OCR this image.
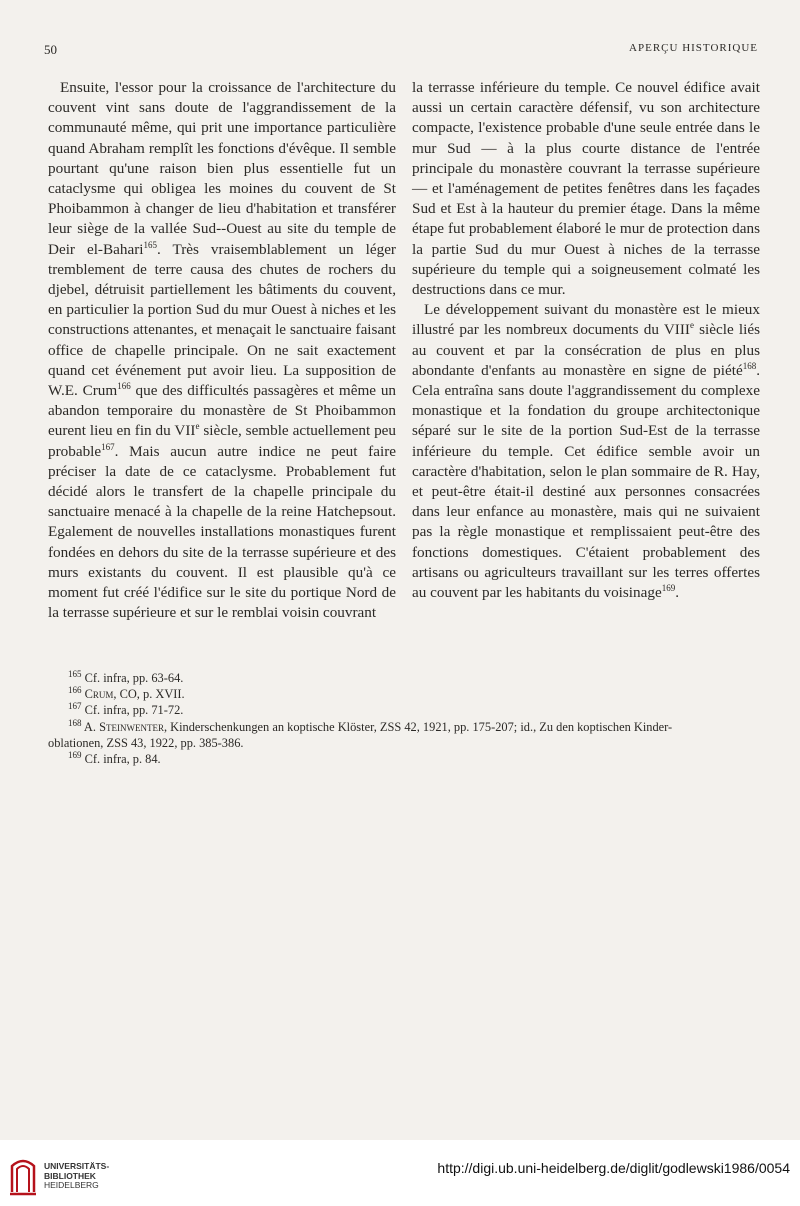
50	APERÇU HISTORIQUE

Ensuite, l'essor pour la croissance de l'architecture du couvent vint sans doute de l'aggrandissement de la communauté même, qui prit une importance particulière quand Abraham remplît les fonctions d'évêque. Il semble pourtant qu'une raison bien plus essentielle fut un cataclysme qui obligea les moines du couvent de St Phoibammon à changer de lieu d'habitation et transférer leur siège de la vallée Sud--Ouest au site du temple de Deir el-Bahari$^{165}$. Très vraisemblablement un léger tremblement de terre causa des chutes de rochers du djebel, détruisit partiellement les bâtiments du couvent, en particulier la portion Sud du mur Ouest à niches et les constructions attenantes, et menaçait le sanctuaire faisant office de chapelle principale. On ne sait exactement quand cet événement put avoir lieu. La supposition de W.E. Crum$^{166}$ que des difficultés passagères et même un abandon temporaire du monastère de St Phoibammon eurent lieu en fin du VIIe siècle, semble actuellement peu probable$^{167}$. Mais aucun autre indice ne peut faire préciser la date de ce cataclysme. Probablement fut décidé alors le transfert de la chapelle principale du sanctuaire menacé à la chapelle de la reine Hatchepsout. Egalement de nouvelles installations monastiques furent fondées en dehors du site de la terrasse supérieure et des murs existants du couvent. Il est plausible qu'à ce moment fut créé l'édifice sur le site du portique Nord de la terrasse supérieure et sur le remblai voisin couvrant

la terrasse inférieure du temple. Ce nouvel édifice avait aussi un certain caractère défensif, vu son architecture compacte, l'existence probable d'une seule entrée dans le mur Sud — à la plus courte distance de l'entrée principale du monastère couvrant la terrasse supérieure — et l'aménagement de petites fenêtres dans les façades Sud et Est à la hauteur du premier étage. Dans la même étape fut probablement élaboré le mur de protection dans la partie Sud du mur Ouest à niches de la terrasse supérieure du temple qui a soigneusement colmaté les destructions dans ce mur.

Le développement suivant du monastère est le mieux illustré par les nombreux documents du VIIIe siècle liés au couvent et par la consécration de plus en plus abondante d'enfants au monastère en signe de piété$^{168}$. Cela entraîna sans doute l'aggrandissement du complexe monastique et la fondation du groupe architectonique séparé sur le site de la portion Sud-Est de la terrasse inférieure du temple. Cet édifice semble avoir un caractère d'habitation, selon le plan sommaire de R. Hay, et peut-être était-il destiné aux personnes consacrées dans leur enfance au monastère, mais qui ne suivaient pas la règle monastique et remplissaient peut-être des fonctions domestiques. C'étaient probablement des artisans ou agriculteurs travaillant sur les terres offertes au couvent par les habitants du voisinage$^{169}$.

$^{165}$ Cf. infra, pp. 63-64.
$^{166}$ Crum, CO, p. XVII.
$^{167}$ Cf. infra, pp. 71-72.
$^{168}$ A. Steinwenter, Kinderschenkungen an koptische Klöster, ZSS 42, 1921, pp. 175-207; id., Zu den koptischen Kinder-
oblationen, ZSS 43, 1922, pp. 385-386.
$^{169}$ Cf. infra, p. 84.
UNIVERSITÄTS-
BIBLIOTHEK
HEIDELBERG
http://digi.ub.uni-heidelberg.de/diglit/godlewski1986/0054
